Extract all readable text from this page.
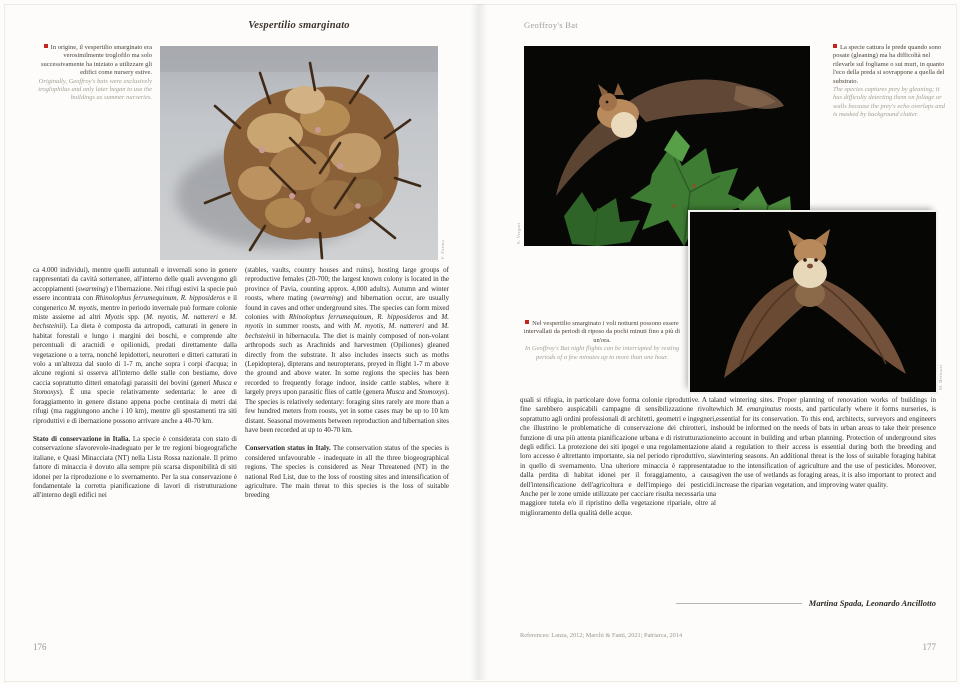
Vespertilio smarginato
F. Farina
In origine, il vespertilio smarginato era verosimilmente troglofilo ma solo successivamente ha iniziato a utilizzare gli edifici come nursery estive.
Originally, Geoffroy's bats were exclusively troglophilus and only later began to use the buildings as summer nurseries.

ca 4.000 individui), mentre quelli autunnali e invernali sono in genere rappresentati da cavità sotterranee, all'interno delle quali avvengono gli accoppiamenti (swarming) e l'ibernazione. Nei rifugi estivi la specie può essere incontrata con Rhinolophus ferrumequinum, R. hipposideros e il congenerico M. myotis, mentre in periodo invernale può formare colonie miste assieme ad altri Myotis spp. (M. myotis, M. nattereri e M. bechsteinii). La dieta è composta da artropodi, catturati in genere in habitat forestali e lungo i margini dei boschi, e comprende alte percentuali di aracnidi e opilionidi, predati direttamente dalla vegetazione o a terra, nonché lepidotteri, neurotteri e ditteri catturati in volo a un'altezza dal suolo di 1-7 m, anche sopra i corpi d'acqua; in alcune regioni si osserva all'interno delle stalle con bestiame, dove caccia soprattutto ditteri ematofagi parassiti dei bovini (generi Musca e Stomoxys). È una specie relativamente sedentaria: le aree di foraggiamento in genere distano appena poche centinaia di metri dai rifugi (ma raggiungono anche i 10 km), mentre gli spostamenti tra siti riproduttivi e di ibernazione possono arrivare anche a 40-70 km.

Stato di conservazione in Italia. La specie è considerata con stato di conservazione sfavorevole-inadeguato per le tre regioni biogeografiche italiane, e Quasi Minacciata (NT) nella Lista Rossa nazionale. Il primo fattore di minaccia è dovuto alla sempre più scarsa disponibilità di siti idonei per la riproduzione e lo svernamento. Per la sua conservazione è fondamentale la corretta pianificazione di lavori di ristrutturazione all'interno degli edifici nei

(stables, vaults, country houses and ruins), hosting large groups of reproductive females (20-700; the largest known colony is located in the province of Pavia, counting approx. 4,000 adults). Autumn and winter roosts, where mating (swarming) and hibernation occur, are usually found in caves and other underground sites. The species can form mixed colonies with Rhinolophus ferrumequinum, R. hipposideros and M. myotis in summer roosts, and with M. myotis, M. nattereri and M. bechsteinii in hibernacula. The diet is mainly composed of non-volant arthropods such as Arachnids and harvestmen (Opiliones) gleaned directly from the substrate. It also includes insects such as moths (Lepidoptera), dipterans and neuropterans, preyed in flight 1-7 m above the ground and above water. In some regions the species has been recorded to frequently forage indoor, inside cattle stables, where it largely preys upon parasitic flies of cattle (genera Musca and Stomoxys). The species is relatively sedentary: foraging sites rarely are more than a few hundred meters from roosts, yet in some cases may be up to 10 km distant. Seasonal movements between reproduction and hibernation sites have been recorded at up to 40-70 km.

Conservation status in Italy. The conservation status of the species is considered unfavourable - inadequate in all the three biogeographical regions. The species is considered as Near Threatened (NT) in the national Red List, due to the loss of roosting sites and intensification of agriculture. The main threat to this species is the loss of suitable breeding

176
Geoffroy's Bat
S. Vergari
M. Bertozzi
La specie cattura le prede quando sono posate (gleaning) ma ha difficoltà nel rilevarle sul fogliame o sui muri, in quanto l'eco della preda si sovrappone a quella del substrato.
The species captures prey by gleaning; it has difficulty detecting them on foliage or walls because the prey's echo overlaps and is masked by background clutter.
Nel vespertilio smarginato i voli notturni possono essere intervallati da periodi di riposo da pochi minuti fino a più di un'ora.
In Geoffroy's Bat night flights can be interrupted by resting periods of a few minutes up to more than one hour.

quali si rifugia, in particolare dove forma colonie riproduttive. A tal fine sarebbero auspicabili campagne di sensibilizzazione rivolte soprattutto agli ordini professionali di architetti, geometri e ingegneri, che illustrino le problematiche di conservazione dei chirotteri, in funzione di una più attenta pianificazione urbana e di ristrutturazione degli edifici. La protezione dei siti ipogei e una regolamentazione al loro accesso è altrettanto importante, sia nel periodo riproduttivo, sia in quello di svernamento. Una ulteriore minaccia è rappresentata dalla perdita di habitat idonei per il foraggiamento, a causa dell'intensificazione dell'agricoltura e dell'impiego dei pesticidi. Anche per le zone umide utilizzate per cacciare risulta necessaria una maggiore tutela e/o il ripristino della vegetazione ripariale, oltre al miglioramento della qualità delle acque.

and wintering sites. Proper planning of renovation works of buildings in which M. emarginatus roosts, and particularly where it forms nurseries, is essential for its conservation. To this end, architects, surveyors and engineers should be informed on the needs of bats in urban areas to take their presence into account in building and urban planning. Protection of underground sites and a regulation to their access is essential during both the breeding and wintering seasons. An additional threat is the loss of suitable foraging habitat due to the intensification of agriculture and the use of pesticides. Moreover, given the use of wetlands as foraging areas, it is also important to protect and increase the riparian vegetation, and improving water quality.

Martina Spada, Leonardo Ancillotto
References: Lanza, 2012; Marchi & Fanti, 2021; Patriarca, 2014
177
